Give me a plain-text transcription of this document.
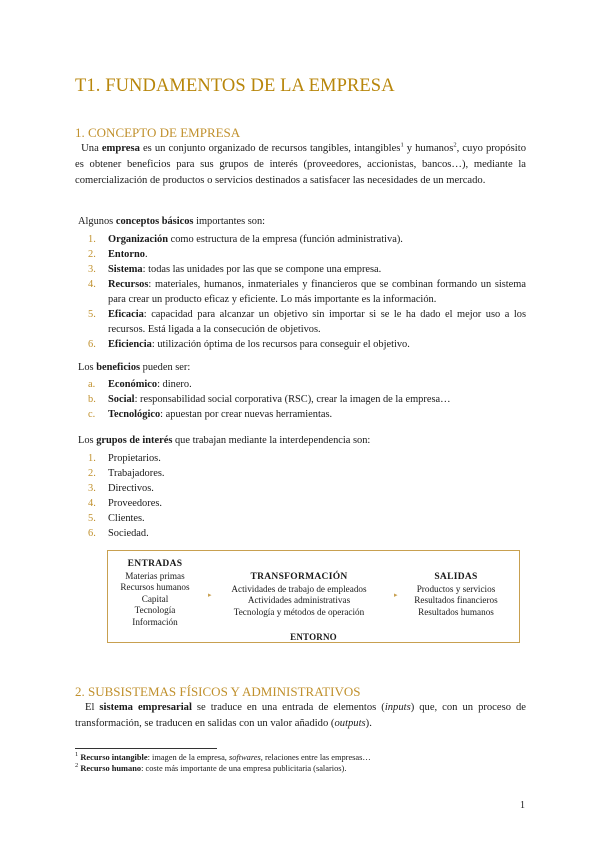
T1. FUNDAMENTOS DE LA EMPRESA
1. CONCEPTO DE EMPRESA
Una empresa es un conjunto organizado de recursos tangibles, intangibles$^1$ y humanos$^2$, cuyo propósito es obtener beneficios para sus grupos de interés (proveedores, accionistas, bancos…), mediante la comercialización de productos o servicios destinados a satisfacer las necesidades de un mercado.
Algunos conceptos básicos importantes son:
1. Organización como estructura de la empresa (función administrativa).
2. Entorno.
3. Sistema: todas las unidades por las que se compone una empresa.
4. Recursos: materiales, humanos, inmateriales y financieros que se combinan formando un sistema para crear un producto eficaz y eficiente. Lo más importante es la información.
5. Eficacia: capacidad para alcanzar un objetivo sin importar si se le ha dado el mejor uso a los recursos. Está ligada a la consecución de objetivos.
6. Eficiencia: utilización óptima de los recursos para conseguir el objetivo.
Los beneficios pueden ser:
a. Económico: dinero.
b. Social: responsabilidad social corporativa (RSC), crear la imagen de la empresa…
c. Tecnológico: apuestan por crear nuevas herramientas.
Los grupos de interés que trabajan mediante la interdependencia son:
1. Propietarios.
2. Trabajadores.
3. Directivos.
4. Proveedores.
5. Clientes.
6. Sociedad.
ENTRADAS
Materias primas
Recursos humanos
Capital
Tecnología
Información
▸
TRANSFORMACIÓN
Actividades de trabajo de empleados
Actividades administrativas
Tecnología y métodos de operación
▸
SALIDAS
Productos y servicios
Resultados financieros
Resultados humanos
ENTORNO
2. SUBSISTEMAS FÍSICOS Y ADMINISTRATIVOS
El sistema empresarial se traduce en una entrada de elementos (inputs) que, con un proceso de transformación, se traducen en salidas con un valor añadido (outputs).
$^1$ Recurso intangible: imagen de la empresa, softwares, relaciones entre las empresas…
$^2$ Recurso humano: coste más importante de una empresa publicitaria (salarios).
1
